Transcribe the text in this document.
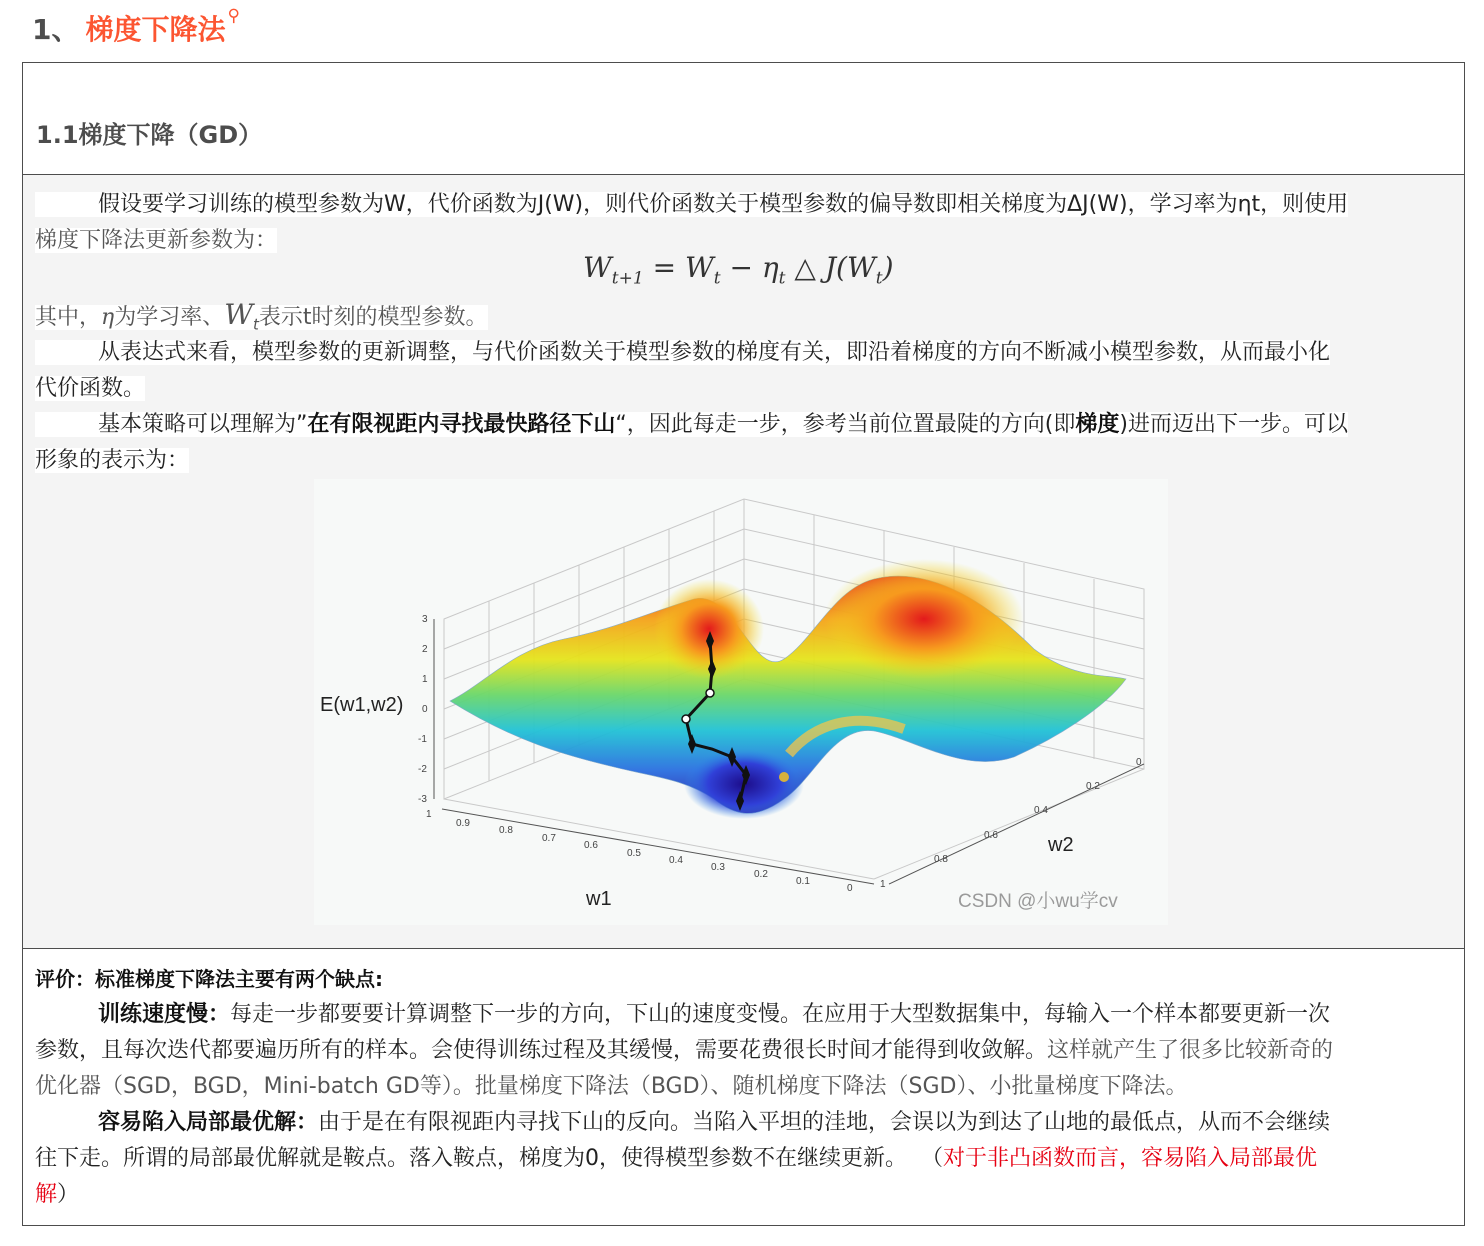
1、 梯度下降法 ⚲
1.1梯度下降（GD）
假设要学习训练的模型参数为W，代价函数为J(W)，则代价函数关于模型参数的偏导数即相关梯度为ΔJ(W)，学习率为ηt，则使用
梯度下降法更新参数为：
$W_{t+1} = W_t - \eta_t$ △ $J(W_t)$
其中，η为学习率、$W_t$表示t时刻的模型参数。
从表达式来看，模型参数的更新调整，与代价函数关于模型参数的梯度有关，即沿着梯度的方向不断减小模型参数，从而最小化
代价函数。
基本策略可以理解为”在有限视距内寻找最快路径下山“，因此每走一步，参考当前位置最陡的方向(即梯度)进而迈出下一步。可以
形象的表示为：
3
2
1
0
-1
-2
-3
1
0.9
0.8
0.7
0.6
0.5
0.4
0.3
0.2
0.1
0	1
0.8
0.6
0.4
0.2
0
E(w1,w2)
w1
w2
CSDN @小wu学cv
评价：标准梯度下降法主要有两个缺点:
训练速度慢：每走一步都要要计算调整下一步的方向，下山的速度变慢。在应用于大型数据集中，每输入一个样本都要更新一次
参数，且每次迭代都要遍历所有的样本。会使得训练过程及其缓慢，需要花费很长时间才能得到收敛解。这样就产生了很多比较新奇的
优化器（SGD，BGD，Mini-batch GD等）。批量梯度下降法（BGD）、随机梯度下降法（SGD）、小批量梯度下降法。
容易陷入局部最优解：由于是在有限视距内寻找下山的反向。当陷入平坦的洼地，会误以为到达了山地的最低点，从而不会继续
往下走。所谓的局部最优解就是鞍点。落入鞍点，梯度为0，使得模型参数不在继续更新。 （对于非凸函数而言，容易陷入局部最优
解）
